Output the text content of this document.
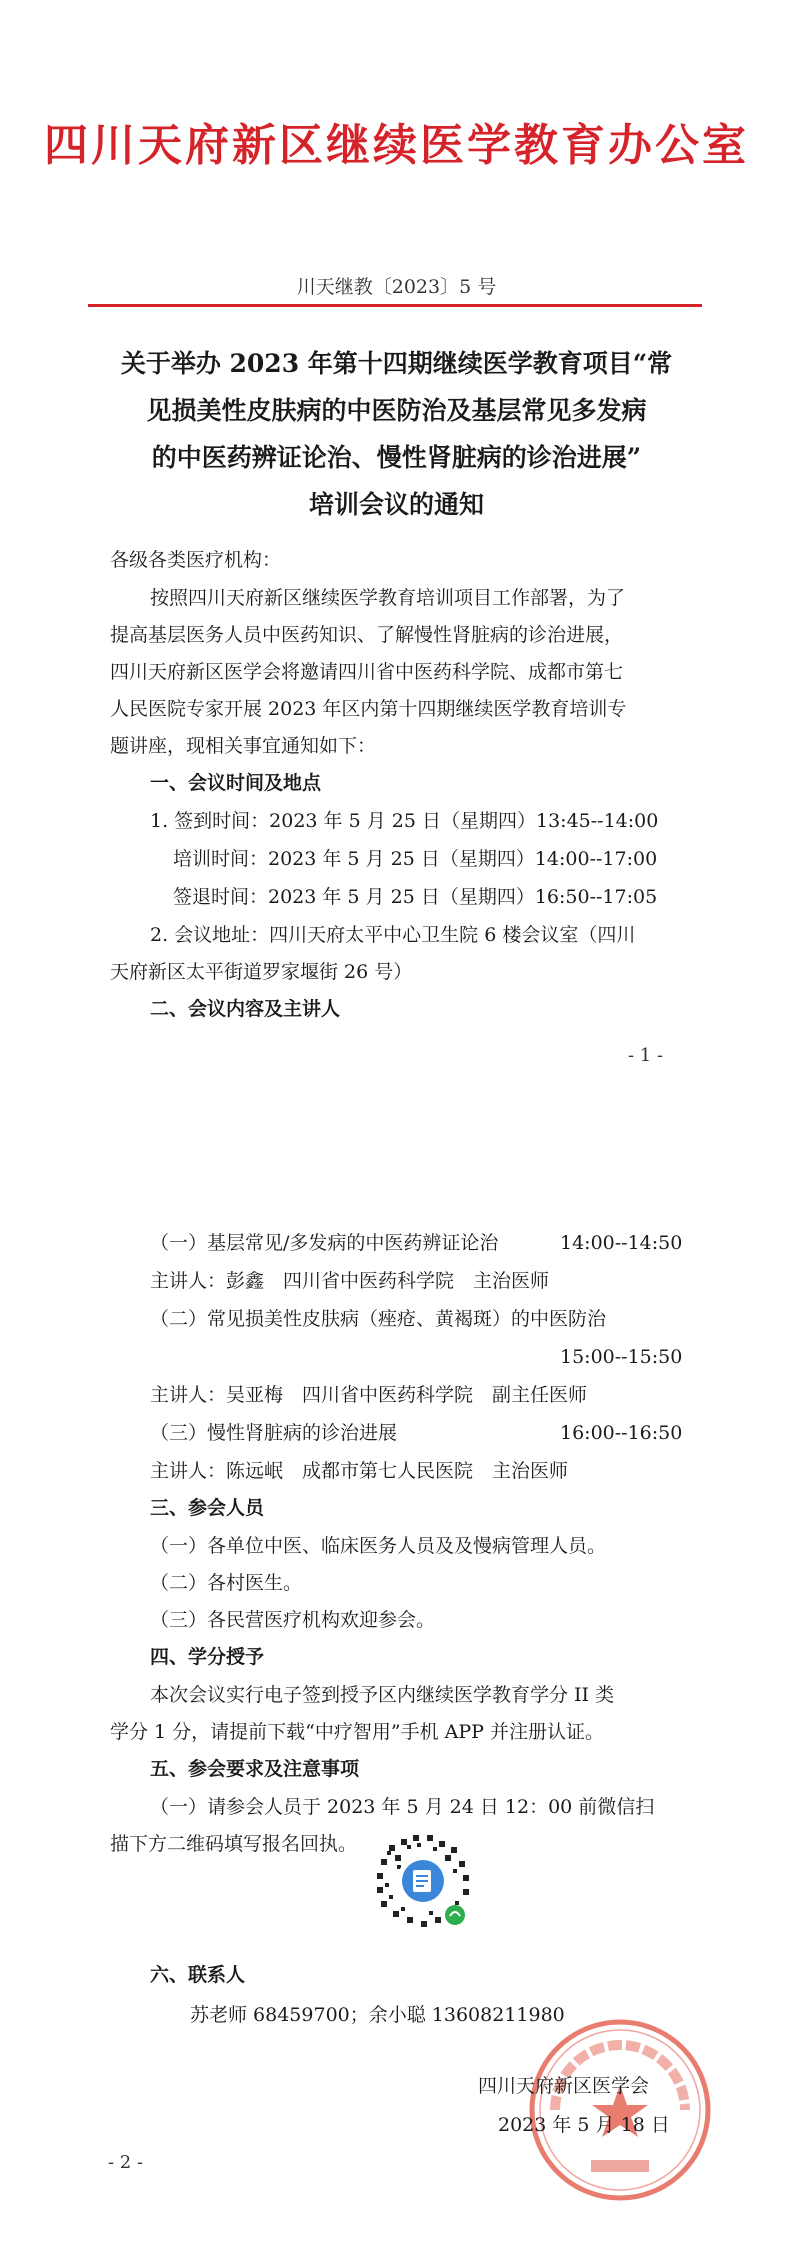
四川天府新区继续医学教育办公室
川天继教〔2023〕5 号
关于举办 2023 年第十四期继续医学教育项目“常
见损美性皮肤病的中医防治及基层常见多发病
的中医药辨证论治、慢性肾脏病的诊治进展”
培训会议的通知
各级各类医疗机构：
按照四川天府新区继续医学教育培训项目工作部署，为了
提高基层医务人员中医药知识、了解慢性肾脏病的诊治进展，
四川天府新区医学会将邀请四川省中医药科学院、成都市第七
人民医院专家开展 2023 年区内第十四期继续医学教育培训专
题讲座，现相关事宜通知如下：
一、会议时间及地点
1. 签到时间：2023 年 5 月 25 日（星期四）13:45--14:00
培训时间：2023 年 5 月 25 日（星期四）14:00--17:00
签退时间：2023 年 5 月 25 日（星期四）16:50--17:05
2. 会议地址：四川天府太平中心卫生院 6 楼会议室（四川
天府新区太平街道罗家堰街 26 号）
二、会议内容及主讲人
- 1 -
（一）基层常见/多发病的中医药辨证论治	14:00--14:50
主讲人：彭鑫　四川省中医药科学院　主治医师
（二）常见损美性皮肤病（痤疮、黄褐斑）的中医防治
15:00--15:50
主讲人：吴亚梅　四川省中医药科学院　副主任医师
（三）慢性肾脏病的诊治进展	16:00--16:50
主讲人：陈远岷　成都市第七人民医院　主治医师
三、参会人员
（一）各单位中医、临床医务人员及及慢病管理人员。
（二）各村医生。
（三）各民营医疗机构欢迎参会。
四、学分授予
本次会议实行电子签到授予区内继续医学教育学分 II 类
学分 1 分，请提前下载“中疗智用”手机 APP 并注册认证。
五、参会要求及注意事项
（一）请参会人员于 2023 年 5 月 24 日 12：00 前微信扫
描下方二维码填写报名回执。
六、联系人
苏老师 68459700；余小聪 13608211980
四川天府新区医学会
2023 年 5 月 18 日
- 2 -
